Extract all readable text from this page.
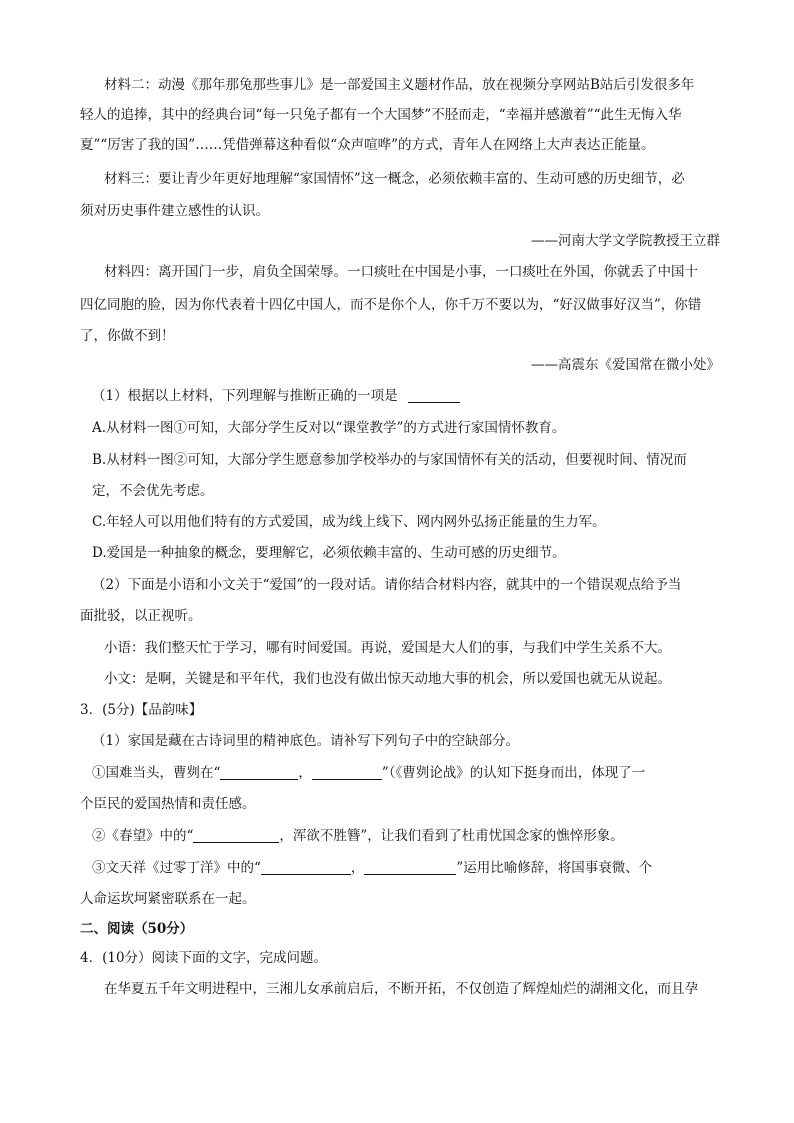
材料二：动漫《那年那兔那些事儿》是一部爱国主义题材作品，放在视频分享网站B站后引发很多年
轻人的追捧，其中的经典台词“每一只兔子都有一个大国梦”不胫而走，“幸福并感激着”“此生无悔入华
夏”“厉害了我的国”……凭借弹幕这种看似“众声喧哗”的方式，青年人在网络上大声表达正能量。
材料三：要让青少年更好地理解“家国情怀”这一概念，必须依赖丰富的、生动可感的历史细节，必
须对历史事件建立感性的认识。
——河南大学文学院教授王立群
材料四：离开国门一步，肩负全国荣辱。一口痰吐在中国是小事，一口痰吐在外国，你就丢了中国十
四亿同胞的脸，因为你代表着十四亿中国人，而不是你个人，你千万不要以为，“好汉做事好汉当”，你错
了，你做不到！
——高震东《爱国常在微小处》
（1）根据以上材料，下列理解与推断正确的一项是
A.从材料一图①可知，大部分学生反对以“课堂教学”的方式进行家国情怀教育。
B.从材料一图②可知，大部分学生愿意参加学校举办的与家国情怀有关的活动，但要视时间、情况而
定，不会优先考虑。
C.年轻人可以用他们特有的方式爱国，成为线上线下、网内网外弘扬正能量的生力军。
D.爱国是一种抽象的概念，要理解它，必须依赖丰富的、生动可感的历史细节。
（2）下面是小语和小文关于“爱国”的一段对话。请你结合材料内容，就其中的一个错误观点给予当
面批驳，以正视听。
小语：我们整天忙于学习，哪有时间爱国。再说，爱国是大人们的事，与我们中学生关系不大。
小文：是啊，关键是和平年代，我们也没有做出惊天动地大事的机会，所以爱国也就无从说起。
3．(5分)【品韵味】
（1）家国是藏在古诗词里的精神底色。请补写下列句子中的空缺部分。
①国难当头，曹刿在“	，	”（《曹刿论战》的认知下挺身而出，体现了一
个臣民的爱国热情和责任感。
②《春望》中的“	，浑欲不胜簪”，让我们看到了杜甫忧国念家的憔悴形象。
③文天祥《过零丁洋》中的“	，	”运用比喻修辞，将国事衰微、个
人命运坎坷紧密联系在一起。
二、阅读（50分）
4．(10分）阅读下面的文字，完成问题。
在华夏五千年文明进程中，三湘儿女承前启后，不断开拓，不仅创造了辉煌灿烂的湖湘文化，而且孕
